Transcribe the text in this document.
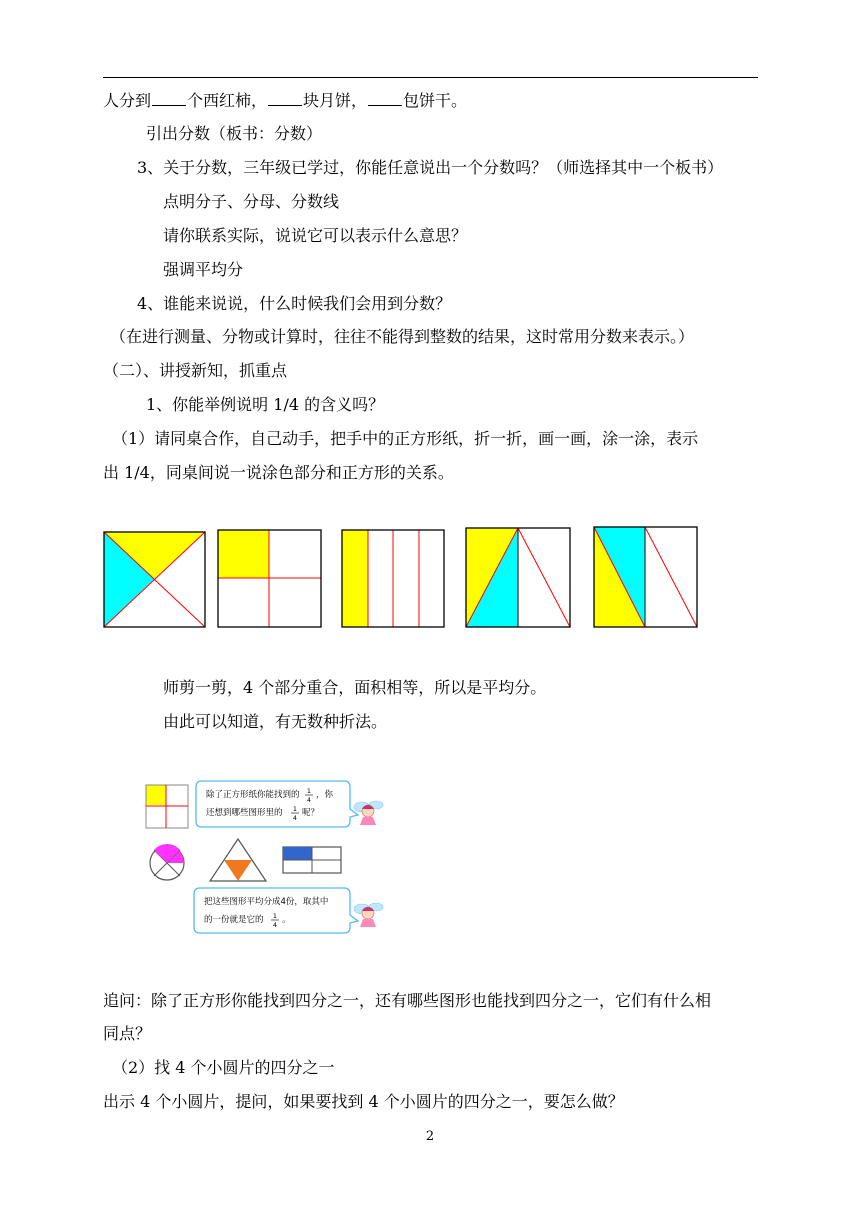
人分到 个西红柿， 块月饼， 包饼干。
引出分数（板书：分数）
3、关于分数，三年级已学过，你能任意说出一个分数吗？（师选择其中一个板书）
点明分子、分母、分数线
请你联系实际，说说它可以表示什么意思？
强调平均分
4、谁能来说说，什么时候我们会用到分数？
（在进行测量、分物或计算时，往往不能得到整数的结果，这时常用分数来表示。）
（二）、讲授新知，抓重点
1、你能举例说明 1/4 的含义吗？
（1）请同桌合作，自己动手，把手中的正方形纸，折一折，画一画，涂一涂，表示
出 1/4，同桌间说一说涂色部分和正方形的关系。
师剪一剪，4 个部分重合，面积相等，所以是平均分。
由此可以知道，有无数种折法。
除了正方形纸你能找到的 1
4 ，你
还想到哪些图形里的 1
4 呢？
把这些图形平均分成4份，取其中
的一份就是它的 1
4 。
追问：除了正方形你能找到四分之一，还有哪些图形也能找到四分之一，它们有什么相
同点？
（2）找 4 个小圆片的四分之一
出示 4 个小圆片，提问，如果要找到 4 个小圆片的四分之一，要怎么做？
2
